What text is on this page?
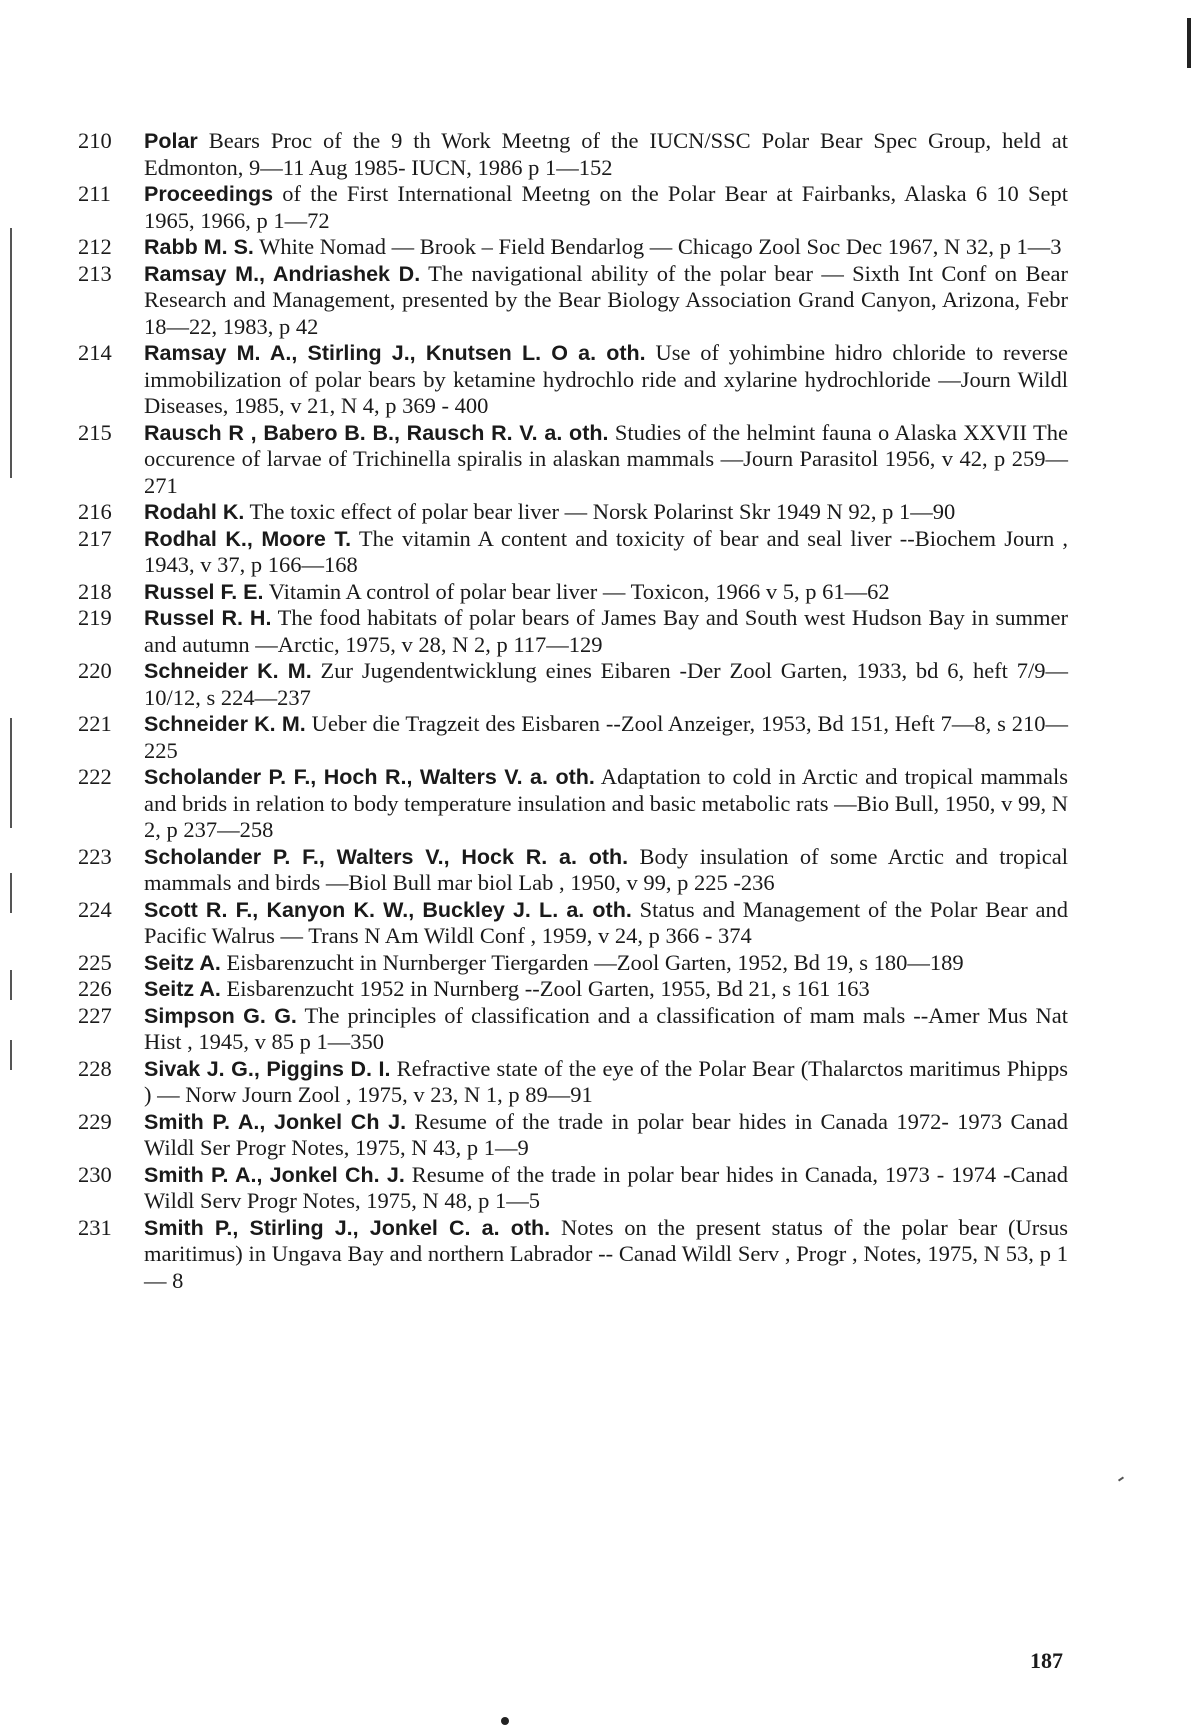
210	Polar Bears Proc of the 9 th Work Meetng of the IUCN/SSC Polar Bear Spec Group, held at Edmonton, 9—11 Aug 1985- IUCN, 1986 p 1—152
211	Proceedings of the First International Meetng on the Polar Bear at Fairbanks, Alaska 6 10 Sept 1965, 1966, p 1—72
212	Rabb M. S. White Nomad — Brook – Field Bendarlog — Chicago Zool Soc Dec 1967, N 32, p 1—3
213	Ramsay M., Andriashek D. The navigational ability of the polar bear — Sixth Int Conf on Bear Research and Management, presented by the Bear Biology Association Grand Canyon, Arizona, Febr 18—22, 1983, p 42
214	Ramsay M. A., Stirling J., Knutsen L. O a. oth. Use of yohimbine hidro chloride to reverse immobilization of polar bears by ketamine hydrochlo ride and xylarine hydrochloride —Journ Wildl Diseases, 1985, v 21, N 4, p 369 - 400
215	Rausch R , Babero B. B., Rausch R. V. a. oth. Studies of the helmint fauna o Alaska XXVII The occurence of larvae of Trichinella spiralis in alaskan mammals —Journ Parasitol 1956, v 42, p 259—271
216	Rodahl K. The toxic effect of polar bear liver — Norsk Polarinst Skr 1949 N 92, p 1—90
217	Rodhal K., Moore T. The vitamin A content and toxicity of bear and seal liver --Biochem Journ , 1943, v 37, p 166—168
218	Russel F. E. Vitamin A control of polar bear liver — Toxicon, 1966 v 5, p 61—62
219	Russel R. H. The food habitats of polar bears of James Bay and South west Hudson Bay in summer and autumn —Arctic, 1975, v 28, N 2, p 117—129
220	Schneider K. M. Zur Jugendentwicklung eines Eibaren -Der Zool Garten, 1933, bd 6, heft 7/9—10/12, s 224—237
221	Schneider K. M. Ueber die Tragzeit des Eisbaren --Zool Anzeiger, 1953, Bd 151, Heft 7—8, s 210—225
222	Scholander P. F., Hoch R., Walters V. a. oth. Adaptation to cold in Arctic and tropical mammals and brids in relation to body temperature insulation and basic metabolic rats —Bio Bull, 1950, v 99, N 2, p 237—258
223	Scholander P. F., Walters V., Hock R. a. oth. Body insulation of some Arctic and tropical mammals and birds —Biol Bull mar biol Lab , 1950, v 99, p 225 -236
224	Scott R. F., Kanyon K. W., Buckley J. L. a. oth. Status and Management of the Polar Bear and Pacific Walrus — Trans N Am Wildl Conf , 1959, v 24, p 366 - 374
225	Seitz A. Eisbarenzucht in Nurnberger Tiergarden —Zool Garten, 1952, Bd 19, s 180—189
226	Seitz A. Eisbarenzucht 1952 in Nurnberg --Zool Garten, 1955, Bd 21, s 161 163
227	Simpson G. G. The principles of classification and a classification of mam mals --Amer Mus Nat Hist , 1945, v 85 p 1—350
228	Sivak J. G., Piggins D. I. Refractive state of the eye of the Polar Bear (Thalarctos maritimus Phipps ) — Norw Journ Zool , 1975, v 23, N 1, p 89—91
229	Smith P. A., Jonkel Ch J. Resume of the trade in polar bear hides in Canada 1972- 1973 Canad Wildl Ser Progr Notes, 1975, N 43, p 1—9
230	Smith P. A., Jonkel Ch. J. Resume of the trade in polar bear hides in Canada, 1973 - 1974 -Canad Wildl Serv Progr Notes, 1975, N 48, p 1—5
231	Smith P., Stirling J., Jonkel C. a. oth. Notes on the present status of the polar bear (Ursus maritimus) in Ungava Bay and northern Labrador -- Canad Wildl Serv , Progr , Notes, 1975, N 53, p 1— 8
187
